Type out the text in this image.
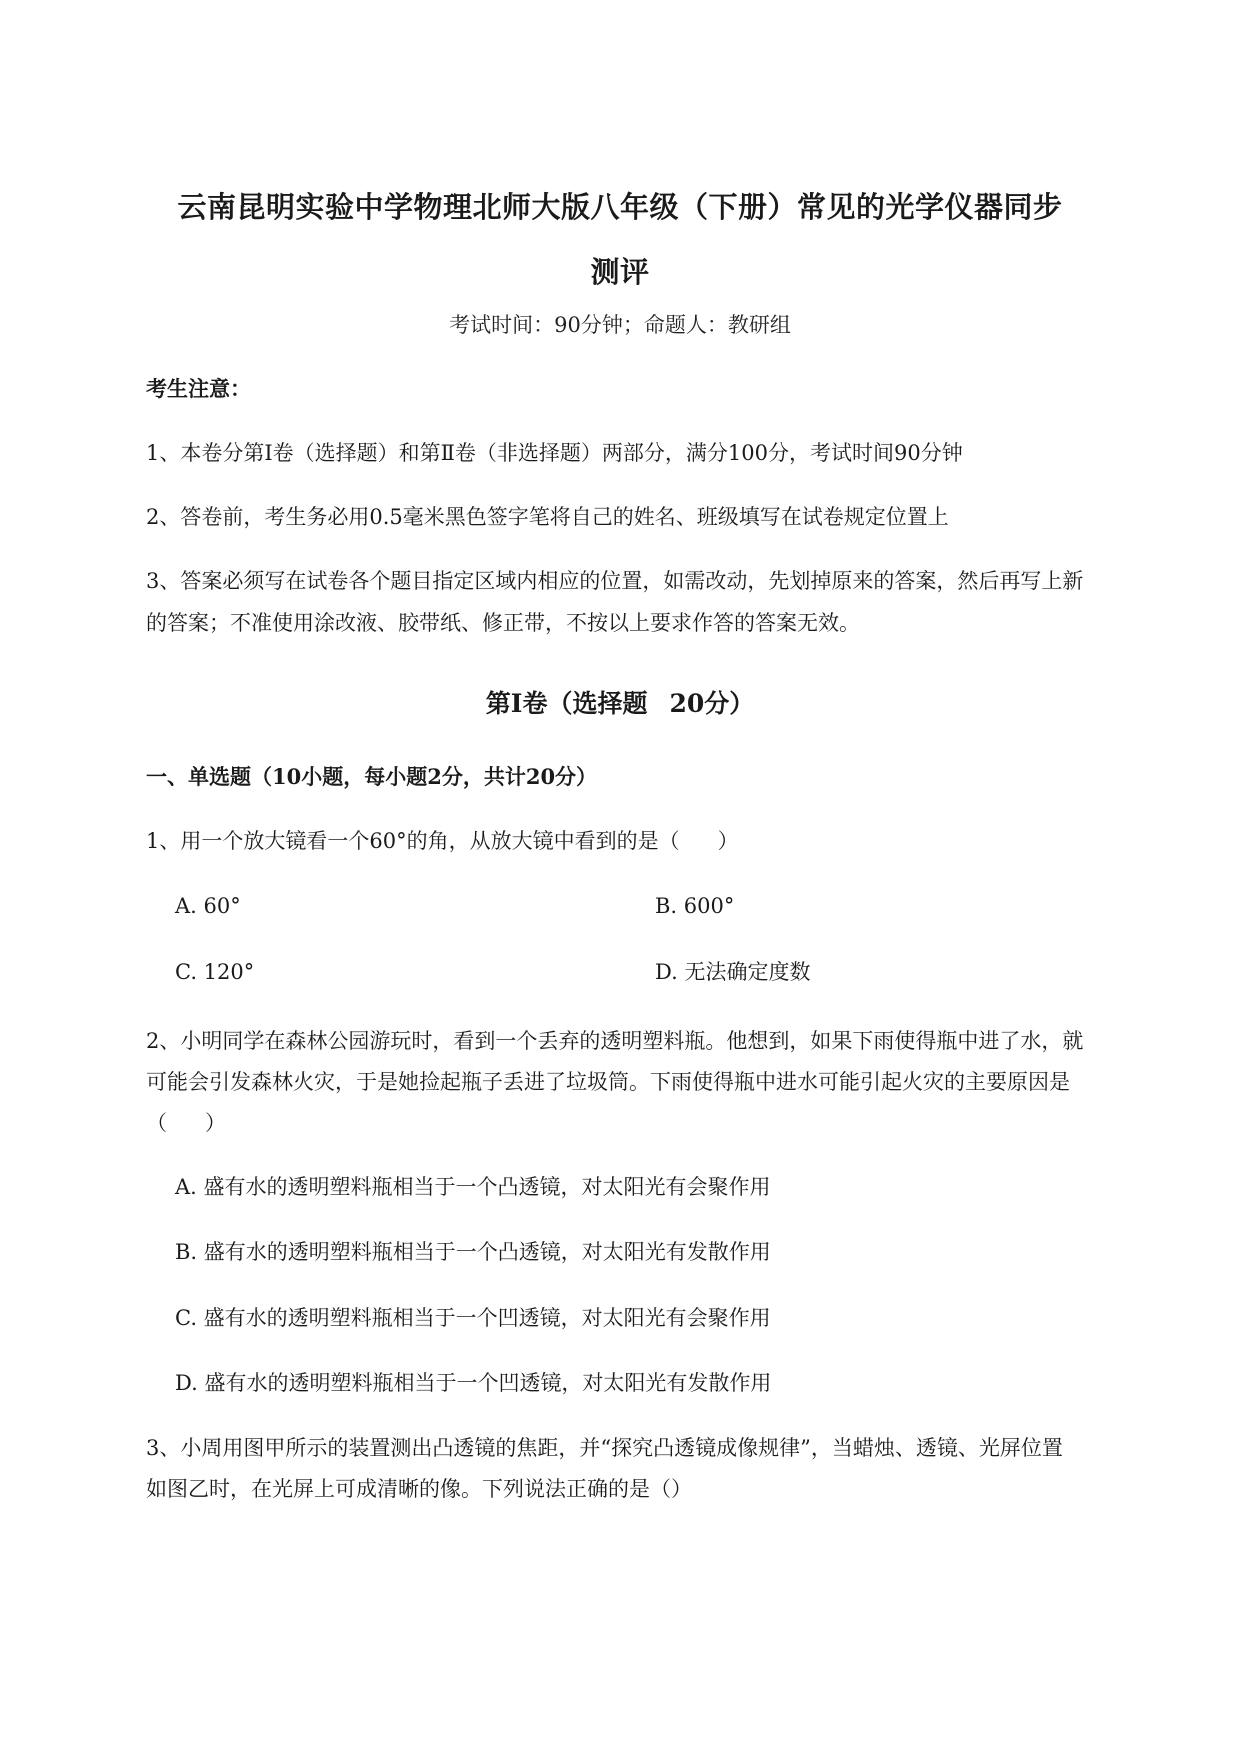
云南昆明实验中学物理北师大版八年级（下册）常见的光学仪器同步
测评
考试时间：90分钟；命题人：教研组
考生注意：
1、本卷分第Ⅰ卷（选择题）和第Ⅱ卷（非选择题）两部分，满分100分，考试时间90分钟
2、答卷前，考生务必用0.5毫米黑色签字笔将自己的姓名、班级填写在试卷规定位置上
3、答案必须写在试卷各个题目指定区域内相应的位置，如需改动，先划掉原来的答案，然后再写上新
的答案；不准使用涂改液、胶带纸、修正带，不按以上要求作答的答案无效。
第Ⅰ卷（选择题 20分）
一、单选题（10小题，每小题2分，共计20分）
1、用一个放大镜看一个60°的角，从放大镜中看到的是（ ）
A. 60°	B. 600°
C. 120°	D. 无法确定度数
2、小明同学在森林公园游玩时，看到一个丢弃的透明塑料瓶。他想到，如果下雨使得瓶中进了水，就
可能会引发森林火灾，于是她捡起瓶子丢进了垃圾筒。下雨使得瓶中进水可能引起火灾的主要原因是
（ ）
A. 盛有水的透明塑料瓶相当于一个凸透镜，对太阳光有会聚作用
B. 盛有水的透明塑料瓶相当于一个凸透镜，对太阳光有发散作用
C. 盛有水的透明塑料瓶相当于一个凹透镜，对太阳光有会聚作用
D. 盛有水的透明塑料瓶相当于一个凹透镜，对太阳光有发散作用
3、小周用图甲所示的装置测出凸透镜的焦距，并“探究凸透镜成像规律”，当蜡烛、透镜、光屏位置
如图乙时，在光屏上可成清晰的像。下列说法正确的是（）
